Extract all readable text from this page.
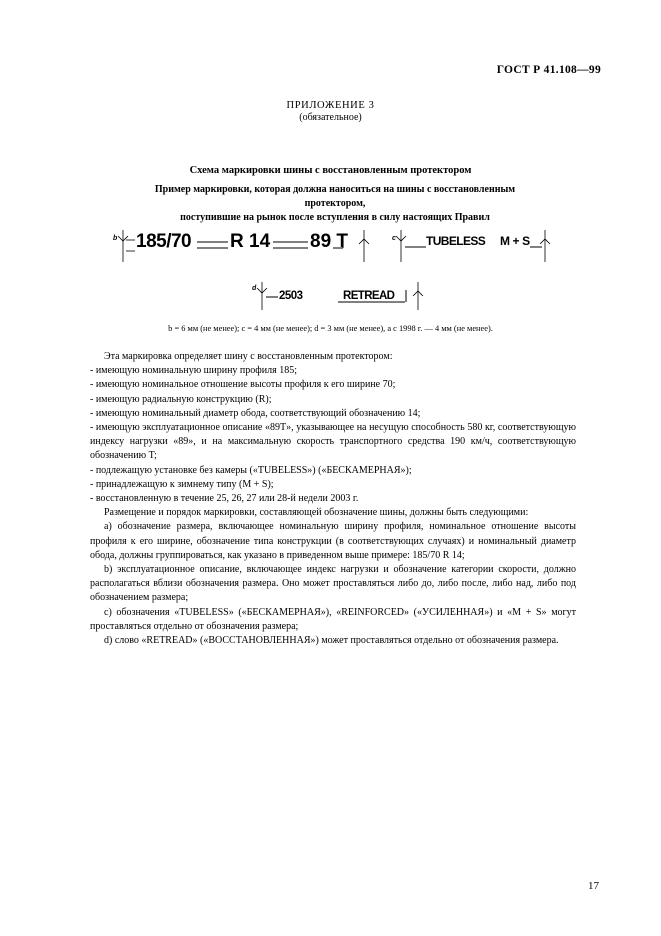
ГОСТ Р 41.108—99
ПРИЛОЖЕНИЕ 3
(обязательное)
Схема маркировки шины с восстановленным протектором
Пример маркировки, которая должна наноситься на шины с восстановленным протектором,
поступившие на рынок после вступления в силу настоящих Правил
b 185/70 R 14 89 T	c	TUBELESS M + S
d
2503	RETREAD
b = 6 мм (не менее); c = 4 мм (не менее); d = 3 мм (не менее), а с 1998 г. — 4 мм (не менее).

Эта маркировка определяет шину с восстановленным протектором:

- имеющую номинальную ширину профиля 185;

- имеющую номинальное отношение высоты профиля к его ширине 70;

- имеющую радиальную конструкцию (R);

- имеющую номинальный диаметр обода, соответствующий обозначению 14;

- имеющую эксплуатационное описание «89T», указывающее на несущую способность 580 кг, соответствующую индексу нагрузки «89», и на максимальную скорость транспортного средства 190 км/ч, соответствующую обозначению T;

- подлежащую установке без камеры («TUBELESS») («БЕСКАМЕРНАЯ»);

- принадлежащую к зимнему типу (M + S);

- восстановленную в течение 25, 26, 27 или 28-й недели 2003 г.

Размещение и порядок маркировки, составляющей обозначение шины, должны быть следующими:

а) обозначение размера, включающее номинальную ширину профиля, номинальное отношение высоты профиля к его ширине, обозначение типа конструкции (в соответствующих случаях) и номинальный диаметр обода, должны группироваться, как указано в приведенном выше примере: 185/70 R 14;

b) эксплуатационное описание, включающее индекс нагрузки и обозначение категории скорости, должно располагаться вблизи обозначения размера. Оно может проставляться либо до, либо после, либо над, либо под обозначением размера;

c) обозначения «TUBELESS» («БЕСКАМЕРНАЯ»), «REINFORCED» («УСИЛЕННАЯ») и «M + S» могут проставляться отдельно от обозначения размера;

d) слово «RETREAD» («ВОССТАНОВЛЕННАЯ») может проставляться отдельно от обозначения размера.

17
